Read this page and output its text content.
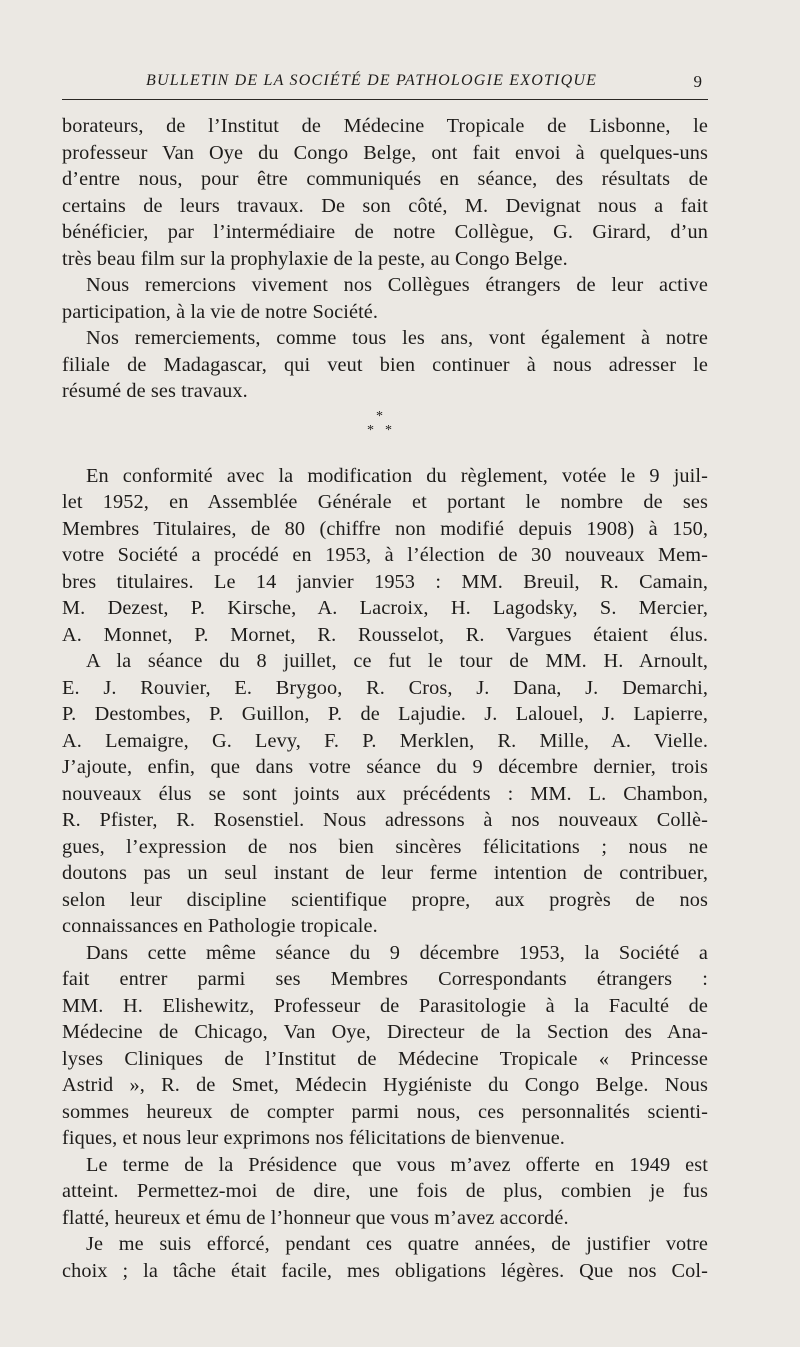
BULLETIN DE LA SOCIÉTÉ DE PATHOLOGIE EXOTIQUE	9

borateurs, de l’Institut de Médecine Tropicale de Lisbonne, le

professeur Van Oye du Congo Belge, ont fait envoi à quelques-uns

d’entre nous, pour être communiqués en séance, des résultats de

certains de leurs travaux. De son côté, M. Devignat nous a fait

bénéficier, par l’intermédiaire de notre Collègue, G. Girard, d’un

très beau film sur la prophylaxie de la peste, au Congo Belge.

Nous remercions vivement nos Collègues étrangers de leur active

participation, à la vie de notre Société.

Nos remerciements, comme tous les ans, vont également à notre

filiale de Madagascar, qui veut bien continuer à nous adresser le

résumé de ses travaux.

*
* *

En conformité avec la modification du règlement, votée le 9 juil-

let 1952, en Assemblée Générale et portant le nombre de ses

Membres Titulaires, de 80 (chiffre non modifié depuis 1908) à 150,

votre Société a procédé en 1953, à l’élection de 30 nouveaux Mem-

bres titulaires. Le 14 janvier 1953 : MM. Breuil, R. Camain,

M. Dezest, P. Kirsche, A. Lacroix, H. Lagodsky, S. Mercier,

A. Monnet, P. Mornet, R. Rousselot, R. Vargues étaient élus.

A la séance du 8 juillet, ce fut le tour de MM. H. Arnoult,

E. J. Rouvier, E. Brygoo, R. Cros, J. Dana, J. Demarchi,

P. Destombes, P. Guillon, P. de Lajudie. J. Lalouel, J. Lapierre,

A. Lemaigre, G. Levy, F. P. Merklen, R. Mille, A. Vielle.

J’ajoute, enfin, que dans votre séance du 9 décembre dernier, trois

nouveaux élus se sont joints aux précédents : MM. L. Chambon,

R. Pfister, R. Rosenstiel. Nous adressons à nos nouveaux Collè-

gues, l’expression de nos bien sincères félicitations ; nous ne

doutons pas un seul instant de leur ferme intention de contribuer,

selon leur discipline scientifique propre, aux progrès de nos

connaissances en Pathologie tropicale.

Dans cette même séance du 9 décembre 1953, la Société a

fait entrer parmi ses Membres Correspondants étrangers :

MM. H. Elishewitz, Professeur de Parasitologie à la Faculté de

Médecine de Chicago, Van Oye, Directeur de la Section des Ana-

lyses Cliniques de l’Institut de Médecine Tropicale « Princesse

Astrid », R. de Smet, Médecin Hygiéniste du Congo Belge. Nous

sommes heureux de compter parmi nous, ces personnalités scienti-

fiques, et nous leur exprimons nos félicitations de bienvenue.

Le terme de la Présidence que vous m’avez offerte en 1949 est

atteint. Permettez-moi de dire, une fois de plus, combien je fus

flatté, heureux et ému de l’honneur que vous m’avez accordé.

Je me suis efforcé, pendant ces quatre années, de justifier votre

choix ; la tâche était facile, mes obligations légères. Que nos Col-
